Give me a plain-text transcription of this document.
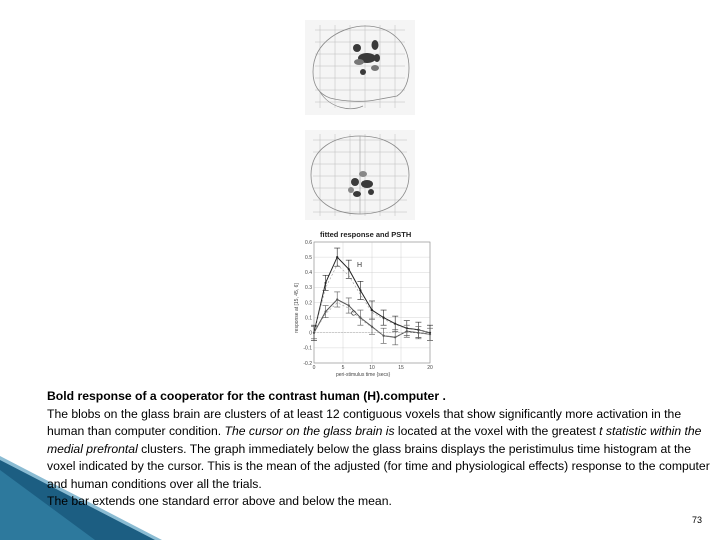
fitted response and PSTH
response at [15, 45, 6]
peri-stimulus time {secs}
-0.2
-0.1
0
0.1
0.2
0.3
0.4
0.5
0.6
0	5	10	15	20
H
C
Bold response of a cooperator for the contrast human (H).computer .
The blobs on the glass brain are clusters of at least 12 contiguous voxels that show significantly more activation in the human than computer condition. The cursor on the glass brain is located at the voxel with the greatest t statistic within the medial prefrontal clusters. The graph immediately below the glass brains displays the peristimulus time histogram at the voxel indicated by the cursor. This is the mean of the adjusted (for time and physiological effects) response to the computer and human conditions over all the trials.
The bar extends one standard error above and below the mean.
73
